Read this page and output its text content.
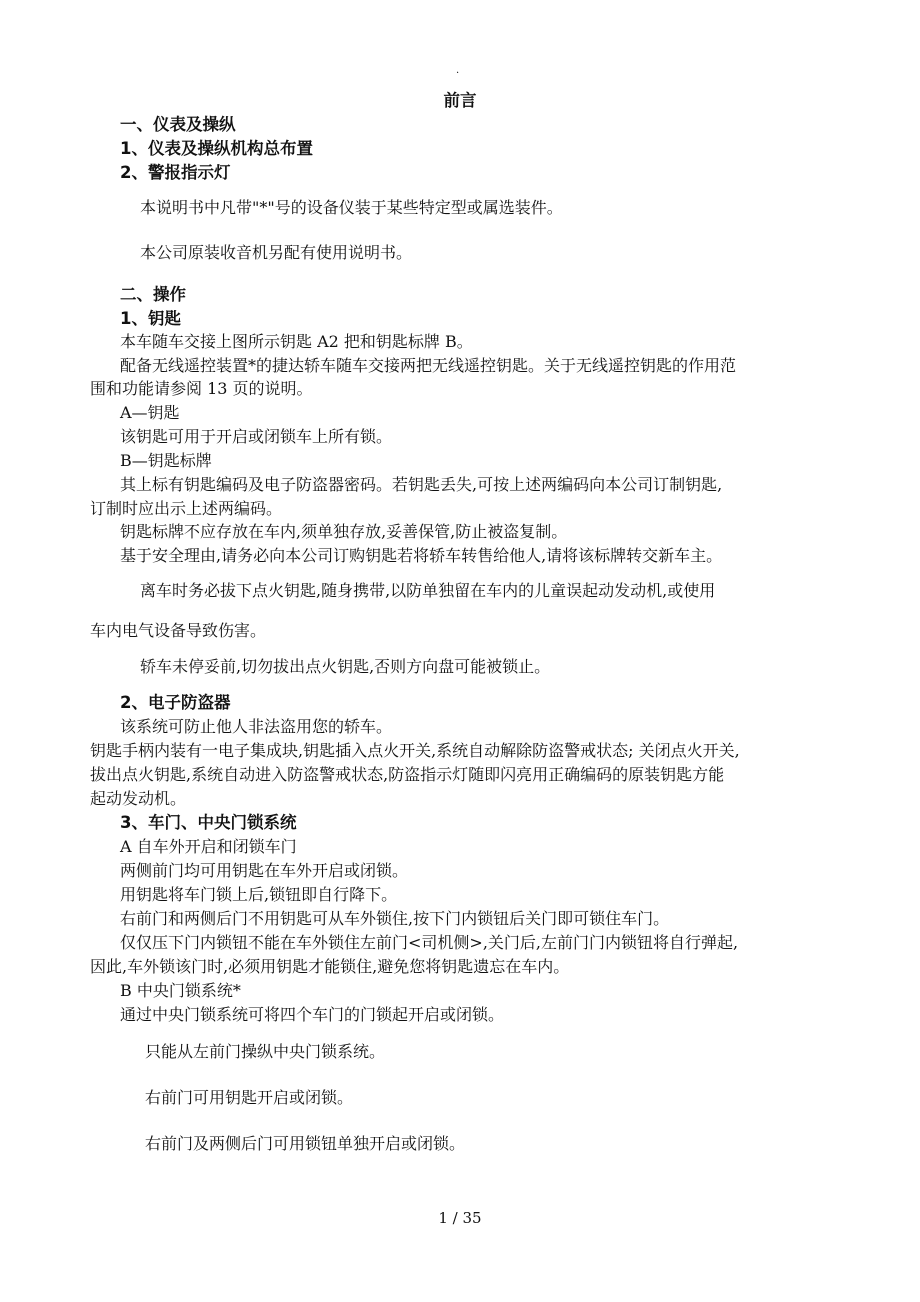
.
前言
一、仪表及操纵
1、仪表及操纵机构总布置
2、警报指示灯
本说明书中凡带"*"号的设备仪装于某些特定型或属选装件。
本公司原装收音机另配有使用说明书。
二、操作
1、钥匙
本车随车交接上图所示钥匙 A2 把和钥匙标牌 B。
配备无线遥控装置*的捷达轿车随车交接两把无线遥控钥匙。关于无线遥控钥匙的作用范
围和功能请参阅 13 页的说明。
A—钥匙
该钥匙可用于开启或闭锁车上所有锁。
B—钥匙标牌
其上标有钥匙编码及电子防盗器密码。若钥匙丢失,可按上述两编码向本公司订制钥匙,
订制时应出示上述两编码。
钥匙标牌不应存放在车内,须单独存放,妥善保管,防止被盗复制。
基于安全理由,请务必向本公司订购钥匙若将轿车转售给他人,请将该标牌转交新车主。
离车时务必拔下点火钥匙,随身携带,以防单独留在车内的儿童误起动发动机,或使用
车内电气设备导致伤害。
轿车未停妥前,切勿拔出点火钥匙,否则方向盘可能被锁止。
2、电子防盗器
该系统可防止他人非法盗用您的轿车。
钥匙手柄内装有一电子集成块,钥匙插入点火开关,系统自动解除防盗警戒状态; 关闭点火开关,
拔出点火钥匙,系统自动进入防盗警戒状态,防盗指示灯随即闪亮用正确编码的原装钥匙方能
起动发动机。
3、车门、中央门锁系统
A 自车外开启和闭锁车门
两侧前门均可用钥匙在车外开启或闭锁。
用钥匙将车门锁上后,锁钮即自行降下。
右前门和两侧后门不用钥匙可从车外锁住,按下门内锁钮后关门即可锁住车门。
仅仅压下门内锁钮不能在车外锁住左前门<司机侧>,关门后,左前门门内锁钮将自行弹起,
因此,车外锁该门时,必须用钥匙才能锁住,避免您将钥匙遗忘在车内。
B 中央门锁系统*
通过中央门锁系统可将四个车门的门锁起开启或闭锁。
只能从左前门操纵中央门锁系统。
右前门可用钥匙开启或闭锁。
右前门及两侧后门可用锁钮单独开启或闭锁。
1 / 35
